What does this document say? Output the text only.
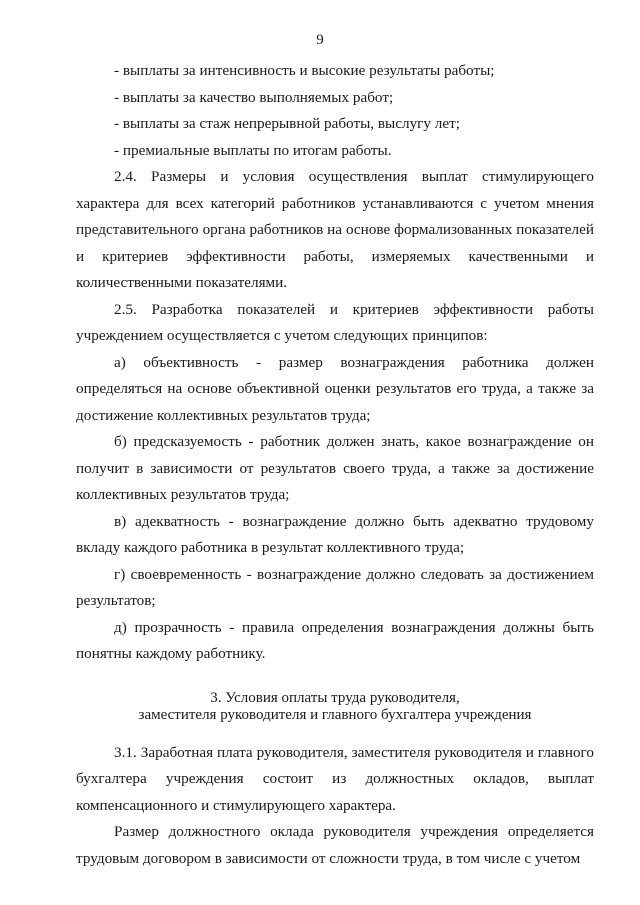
9

- выплаты за интенсивность и высокие результаты работы;

- выплаты за качество выполняемых работ;

- выплаты за стаж непрерывной работы, выслугу лет;

- премиальные выплаты по итогам работы.

2.4. Размеры и условия осуществления выплат стимулирующего характера для всех категорий работников устанавливаются с учетом мнения представительного органа работников на основе формализованных показателей и критериев эффективности работы, измеряемых качественными и количественными показателями.

2.5. Разработка показателей и критериев эффективности работы учреждением осуществляется с учетом следующих принципов:

а) объективность - размер вознаграждения работника должен определяться на основе объективной оценки результатов его труда, а также за достижение коллективных результатов труда;

б) предсказуемость - работник должен знать, какое вознаграждение он получит в зависимости от результатов своего труда, а также за достижение коллективных результатов труда;

в) адекватность - вознаграждение должно быть адекватно трудовому вкладу каждого работника в результат коллективного труда;

г) своевременность - вознаграждение должно следовать за достижением результатов;

д) прозрачность - правила определения вознаграждения должны быть понятны каждому работнику.

3. Условия оплаты труда руководителя,

заместителя руководителя и главного бухгалтера учреждения

3.1. Заработная плата руководителя, заместителя руководителя и главного бухгалтера учреждения состоит из должностных окладов, выплат компенсационного и стимулирующего характера.

Размер должностного оклада руководителя учреждения определяется трудовым договором в зависимости от сложности труда, в том числе с учетом
